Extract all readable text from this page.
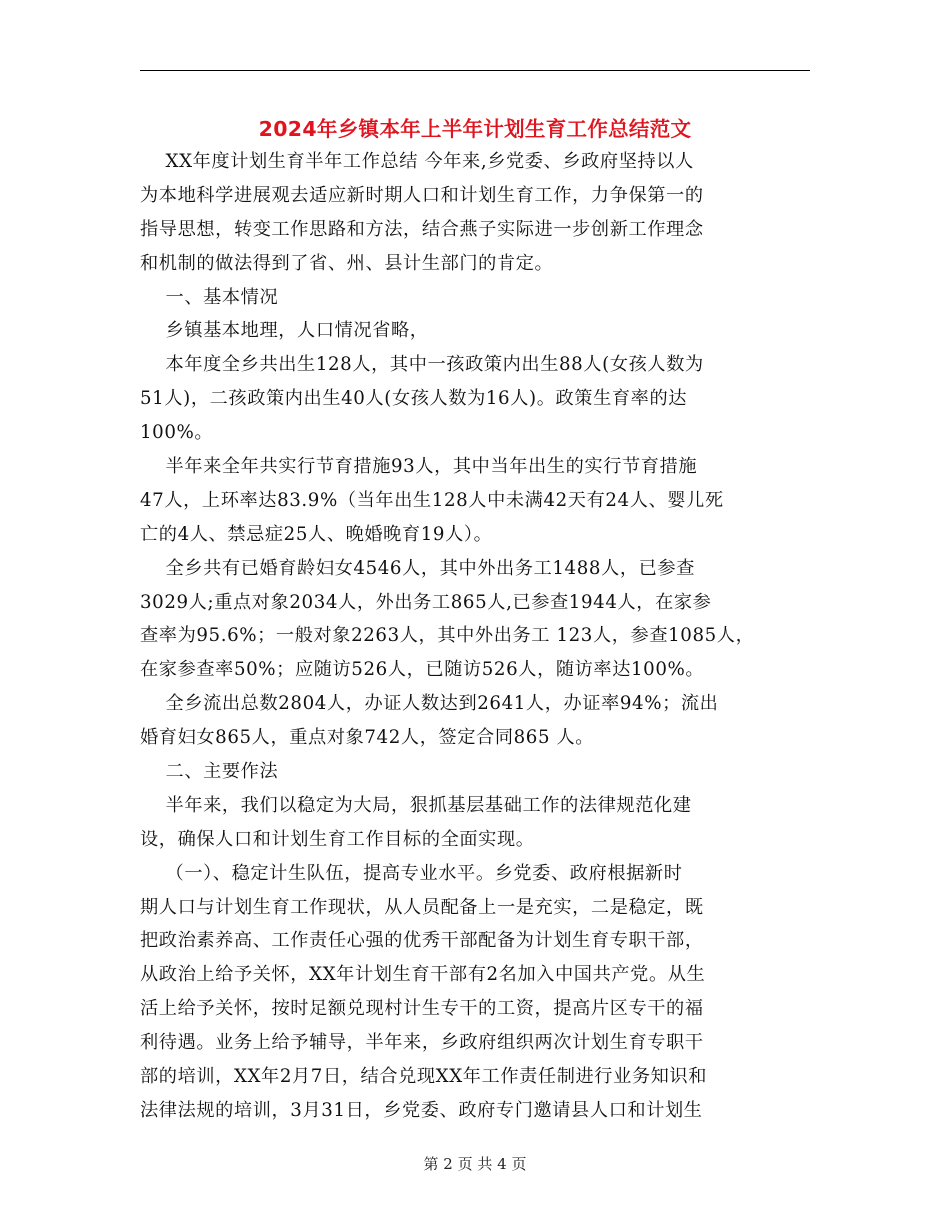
2024年乡镇本年上半年计划生育工作总结范文
XX年度计划生育半年工作总结 今年来,乡党委、乡政府坚持以人
为本地科学进展观去适应新时期人口和计划生育工作，力争保第一的
指导思想，转变工作思路和方法，结合燕子实际进一步创新工作理念
和机制的做法得到了省、州、县计生部门的肯定。
一、基本情况
乡镇基本地理，人口情况省略，
本年度全乡共出生128人，其中一孩政策内出生88人(女孩人数为
51人)，二孩政策内出生40人(女孩人数为16人)。政策生育率的达
100%。
半年来全年共实行节育措施93人，其中当年出生的实行节育措施
47人，上环率达83.9%（当年出生128人中未满42天有24人、婴儿死
亡的4人、禁忌症25人、晚婚晚育19人）。
全乡共有已婚育龄妇女4546人，其中外出务工1488人，已参查
3029人;重点对象2034人，外出务工865人,已参查1944人，在家参
查率为95.6%；一般对象2263人，其中外出务工 123人，参查1085人，
在家参查率50%；应随访526人，已随访526人，随访率达100%。
全乡流出总数2804人，办证人数达到2641人，办证率94%；流出
婚育妇女865人，重点对象742人，签定合同865 人。
二、主要作法
半年来，我们以稳定为大局，狠抓基层基础工作的法律规范化建
设，确保人口和计划生育工作目标的全面实现。
（一）、稳定计生队伍，提高专业水平。乡党委、政府根据新时
期人口与计划生育工作现状，从人员配备上一是充实，二是稳定，既
把政治素养高、工作责任心强的优秀干部配备为计划生育专职干部，
从政治上给予关怀，XX年计划生育干部有2名加入中国共产党。从生
活上给予关怀，按时足额兑现村计生专干的工资，提高片区专干的福
利待遇。业务上给予辅导，半年来，乡政府组织两次计划生育专职干
部的培训，XX年2月7日，结合兑现XX年工作责任制进行业务知识和
法律法规的培训，3月31日，乡党委、政府专门邀请县人口和计划生
第 2 页 共 4 页
